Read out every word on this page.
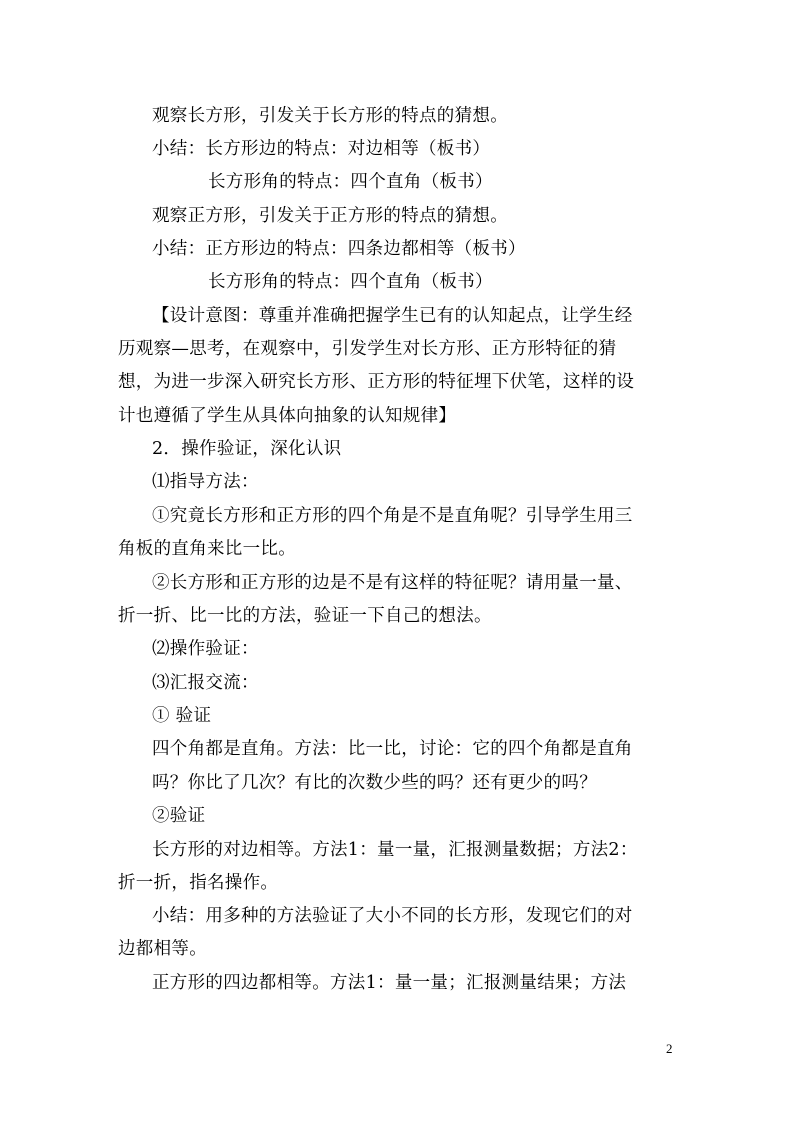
观察长方形，引发关于长方形的特点的猜想。
小结：长方形边的特点：对边相等（板书）
长方形角的特点：四个直角（板书）
观察正方形，引发关于正方形的特点的猜想。
小结：正方形边的特点：四条边都相等（板书）
长方形角的特点：四个直角（板书）
【设计意图：尊重并准确把握学生已有的认知起点，让学生经
历观察—思考，在观察中，引发学生对长方形、正方形特征的猜
想，为进一步深入研究长方形、正方形的特征埋下伏笔，这样的设
计也遵循了学生从具体向抽象的认知规律】
2．操作验证，深化认识
⑴指导方法：
①究竟长方形和正方形的四个角是不是直角呢？引导学生用三
角板的直角来比一比。
②长方形和正方形的边是不是有这样的特征呢？请用量一量、
折一折、比一比的方法，验证一下自己的想法。
⑵操作验证：
⑶汇报交流：
① 验证
四个角都是直角。方法：比一比，讨论：它的四个角都是直角
吗？你比了几次？有比的次数少些的吗？还有更少的吗？
②验证
长方形的对边相等。方法1：量一量，汇报测量数据；方法2：
折一折，指名操作。
小结：用多种的方法验证了大小不同的长方形，发现它们的对
边都相等。
正方形的四边都相等。方法1：量一量；汇报测量结果；方法
2
